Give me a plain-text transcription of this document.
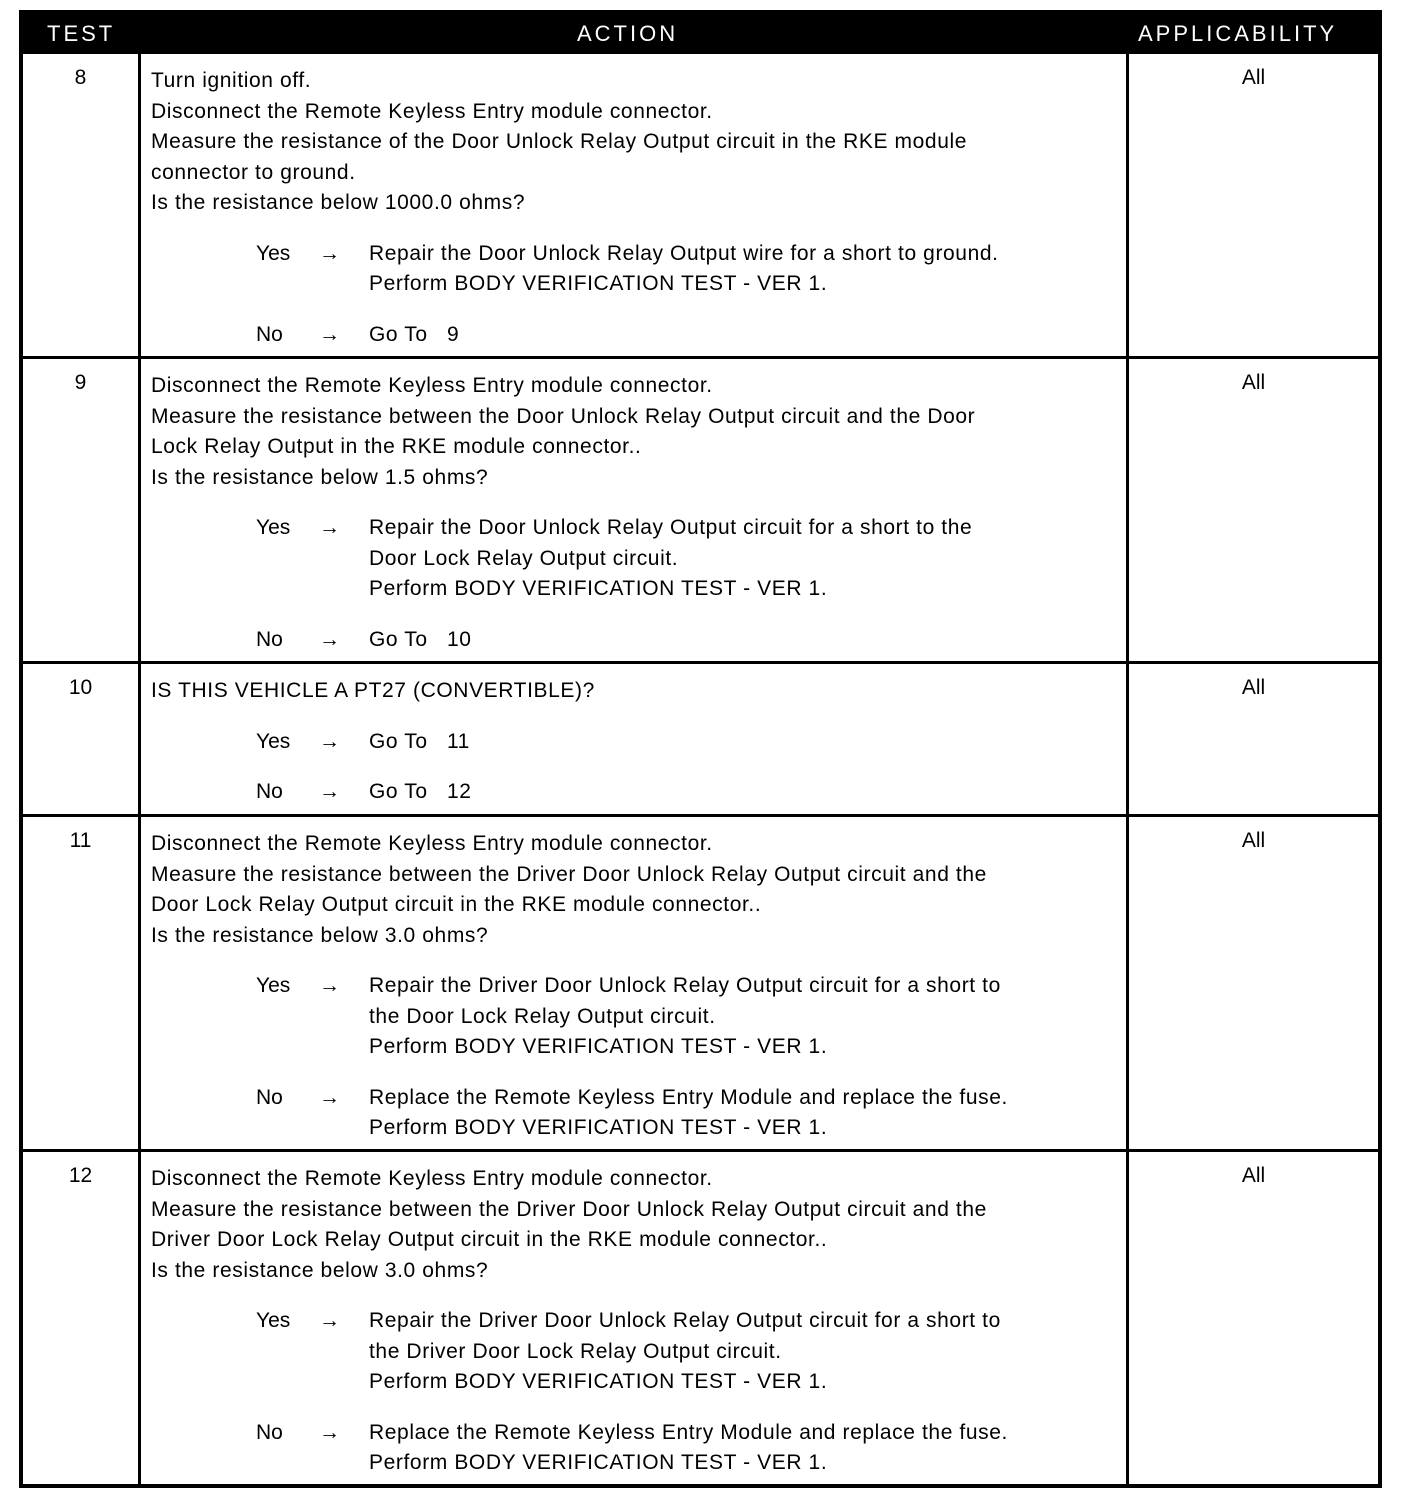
TEST	ACTION	APPLICABILITY
8	Turn ignition off.
Disconnect the Remote Keyless Entry module connector.
Measure the resistance of the Door Unlock Relay Output circuit in the RKE module
connector to ground.
Is the resistance below 1000.0 ohms?
Yes → Repair the Door Unlock Relay Output wire for a short to ground.
Perform BODY VERIFICATION TEST - VER 1.
No → Go To   9
All
9	Disconnect the Remote Keyless Entry module connector.
Measure the resistance between the Door Unlock Relay Output circuit and the Door
Lock Relay Output in the RKE module connector..
Is the resistance below 1.5 ohms?
Yes → Repair the Door Unlock Relay Output circuit for a short to the
Door Lock Relay Output circuit.
Perform BODY VERIFICATION TEST - VER 1.
No → Go To   10
All
10	IS THIS VEHICLE A PT27 (CONVERTIBLE)?
Yes → Go To   11
No → Go To   12
All
11	Disconnect the Remote Keyless Entry module connector.
Measure the resistance between the Driver Door Unlock Relay Output circuit and the
Door Lock Relay Output circuit in the RKE module connector..
Is the resistance below 3.0 ohms?
Yes → Repair the Driver Door Unlock Relay Output circuit for a short to
the Door Lock Relay Output circuit.
Perform BODY VERIFICATION TEST - VER 1.
No → Replace the Remote Keyless Entry Module and replace the fuse.
Perform BODY VERIFICATION TEST - VER 1.
All
12	Disconnect the Remote Keyless Entry module connector.
Measure the resistance between the Driver Door Unlock Relay Output circuit and the
Driver Door Lock Relay Output circuit in the RKE module connector..
Is the resistance below 3.0 ohms?
Yes → Repair the Driver Door Unlock Relay Output circuit for a short to
the Driver Door Lock Relay Output circuit.
Perform BODY VERIFICATION TEST - VER 1.
No → Replace the Remote Keyless Entry Module and replace the fuse.
Perform BODY VERIFICATION TEST - VER 1.
All
